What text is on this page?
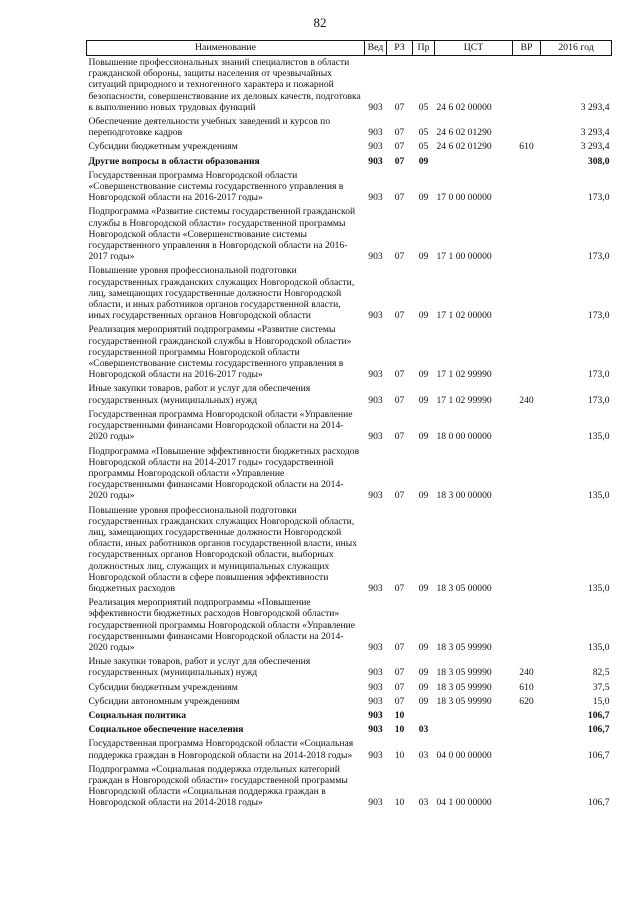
82
Наименование	Вед	РЗ	Пр	ЦСТ	ВР	2016 год
Повышение профессиональных знаний специалистов в области гражданской обороны, защиты населения от чрезвычайных ситуаций природного и техногенного характера и пожарной безопасности, совершенствование их деловых качеств, подготовка к выполнению новых трудовых функций	903	07	05	24 6 02 00000		3 293,4
Обеспечение деятельности учебных заведений и курсов по переподготовке кадров	903	07	05	24 6 02 01290		3 293,4
Субсидии бюджетным учреждениям	903	07	05	24 6 02 01290	610	3 293,4
Другие вопросы в области образования	903	07	09			308,0
Государственная программа Новгородской области «Совершенствование системы государственного управления в Новгородской области на 2016-2017 годы»	903	07	09	17 0 00 00000		173,0
Подпрограмма «Развитие системы государственной гражданской службы в Новгородской области» государственной программы Новгородской области «Совершенствование системы государственного управления в Новгородской области на 2016-2017 годы»	903	07	09	17 1 00 00000		173,0
Повышение уровня профессиональной подготовки государственных гражданских служащих Новгородской области, лиц, замещающих государственные должности Новгородской области, и иных работников органов государственной власти, иных государственных органов Новгородской области	903	07	09	17 1 02 00000		173,0
Реализация мероприятий подпрограммы «Развитие системы государственной гражданской службы в Новгородской области» государственной программы Новгородской области «Совершенствование системы государственного управления в Новгородской области на 2016-2017 годы»	903	07	09	17 1 02 99990		173,0
Иные закупки товаров, работ и услуг для обеспечения государственных (муниципальных) нужд	903	07	09	17 1 02 99990	240	173,0
Государственная программа Новгородской области «Управление государственными финансами Новгородской области на 2014-2020 годы»	903	07	09	18 0 00 00000		135,0
Подпрограмма «Повышение эффективности бюджетных расходов Новгородской области на 2014-2017 годы» государственной программы Новгородской области «Управление государственными финансами Новгородской области на 2014-2020 годы»	903	07	09	18 3 00 00000		135,0
Повышение уровня профессиональной подготовки государственных гражданских служащих Новгородской области, лиц, замещающих государственные должности Новгородской области, иных работников органов государственной власти, иных государственных органов Новгородской области, выборных должностных лиц, служащих и муниципальных служащих Новгородской области в сфере повышения эффективности бюджетных расходов	903	07	09	18 3 05 00000		135,0
Реализация мероприятий подпрограммы «Повышение эффективности бюджетных расходов Новгородской области» государственной программы Новгородской области «Управление государственными финансами Новгородской области на 2014-2020 годы»	903	07	09	18 3 05 99990		135,0
Иные закупки товаров, работ и услуг для обеспечения государственных (муниципальных) нужд	903	07	09	18 3 05 99990	240	82,5
Субсидии бюджетным учреждениям	903	07	09	18 3 05 99990	610	37,5
Субсидии автономным учреждениям	903	07	09	18 3 05 99990	620	15,0
Социальная политика	903	10				106,7
Социальное обеспечение населения	903	10	03			106,7
Государственная программа Новгородской области «Социальная поддержка граждан в Новгородской области на 2014-2018 годы»	903	10	03	04 0 00 00000		106,7
Подпрограмма «Социальная поддержка отдельных категорий граждан в Новгородской области» государственной программы Новгородской области «Социальная поддержка граждан в Новгородской области на 2014-2018 годы»	903	10	03	04 1 00 00000		106,7
